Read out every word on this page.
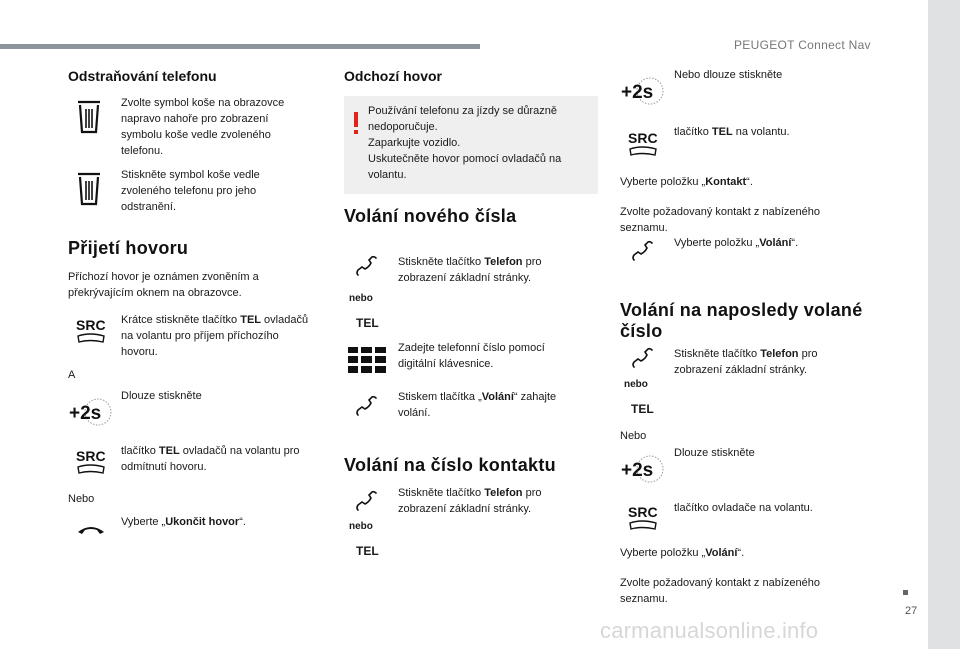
PEUGEOT Connect Nav
27
carmanualsonline.info
Odstraňování telefonu
Zvolte symbol koše na obrazovce napravo nahoře pro zobrazení symbolu koše vedle zvoleného telefonu.
Stiskněte symbol koše vedle zvoleného telefonu pro jeho odstranění.
Přijetí hovoru
Příchozí hovor je oznámen zvoněním a překrývajícím oknem na obrazovce.
SRC Krátce stiskněte tlačítko TEL ovladačů na volantu pro příjem příchozího hovoru.
A
+2s
Dlouze stiskněte
SRC tlačítko TEL ovladačů na volantu pro odmítnutí hovoru.
Nebo
Vyberte „Ukončit hovor“.
Odchozí hovor
Používání telefonu za jízdy se důrazně nedoporučuje.
Zaparkujte vozidlo.
Uskutečněte hovor pomocí ovladačů na volantu.
Volání nového čísla
nebo
TEL
Stiskněte tlačítko Telefon pro zobrazení základní stránky.
Zadejte telefonní číslo pomocí digitální klávesnice.
Stiskem tlačítka „Volání“ zahajte volání.
Volání na číslo kontaktu
nebo
TEL
Stiskněte tlačítko Telefon pro zobrazení základní stránky.
+2s
Nebo dlouze stiskněte
SRC tlačítko TEL na volantu.
Vyberte položku „Kontakt“.
Zvolte požadovaný kontakt z nabízeného seznamu.
Vyberte položku „Volání“.
Volání na naposledy volané číslo
nebo
TEL
Stiskněte tlačítko Telefon pro zobrazení základní stránky.
Nebo
+2s
Dlouze stiskněte
SRC tlačítko ovladače na volantu.
Vyberte položku „Volání“.
Zvolte požadovaný kontakt z nabízeného seznamu.
